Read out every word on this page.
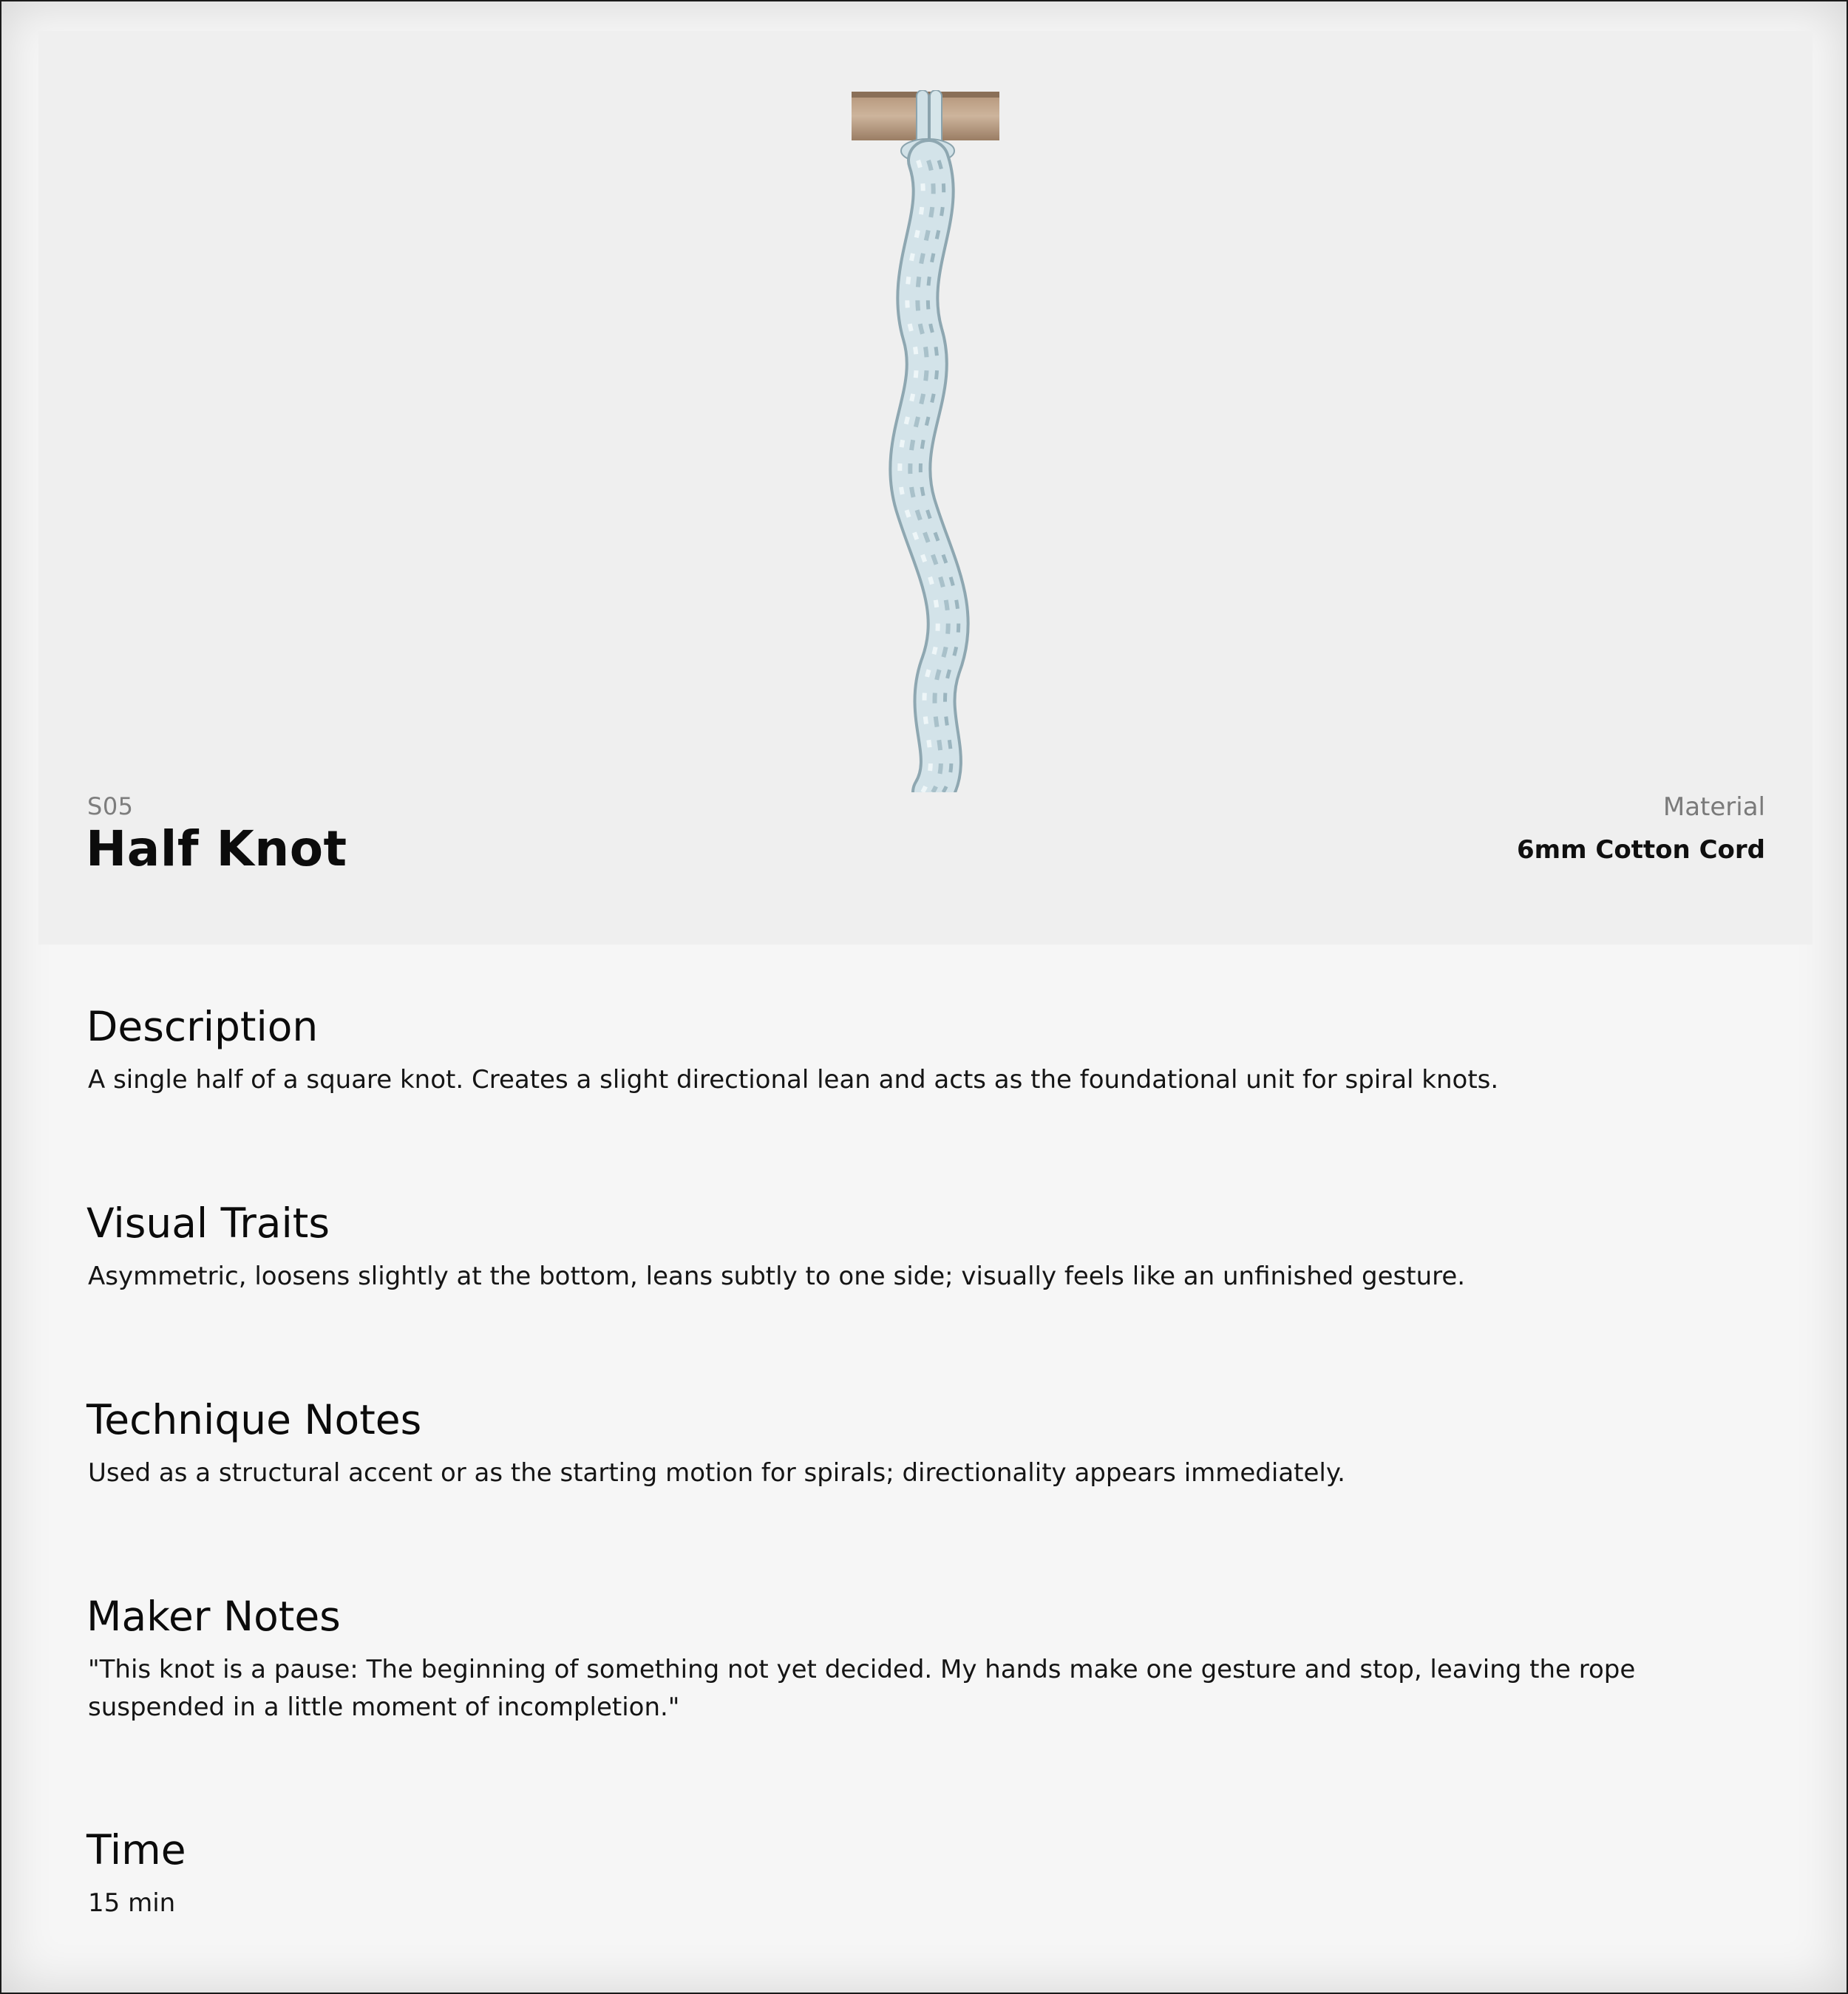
S05
Half Knot
Material
6mm Cotton Cord
Description

A single half of a square knot. Creates a slight directional lean and acts as the foundational unit for spiral knots.

Visual Traits

Asymmetric, loosens slightly at the bottom, leans subtly to one side; visually feels like an unfinished gesture.

Technique Notes

Used as a structural accent or as the starting motion for spirals; directionality appears immediately.

Maker Notes

"This knot is a pause: The beginning of something not yet decided. My hands make one gesture and stop, leaving the rope suspended in a little moment of incompletion."

Time

15 min
